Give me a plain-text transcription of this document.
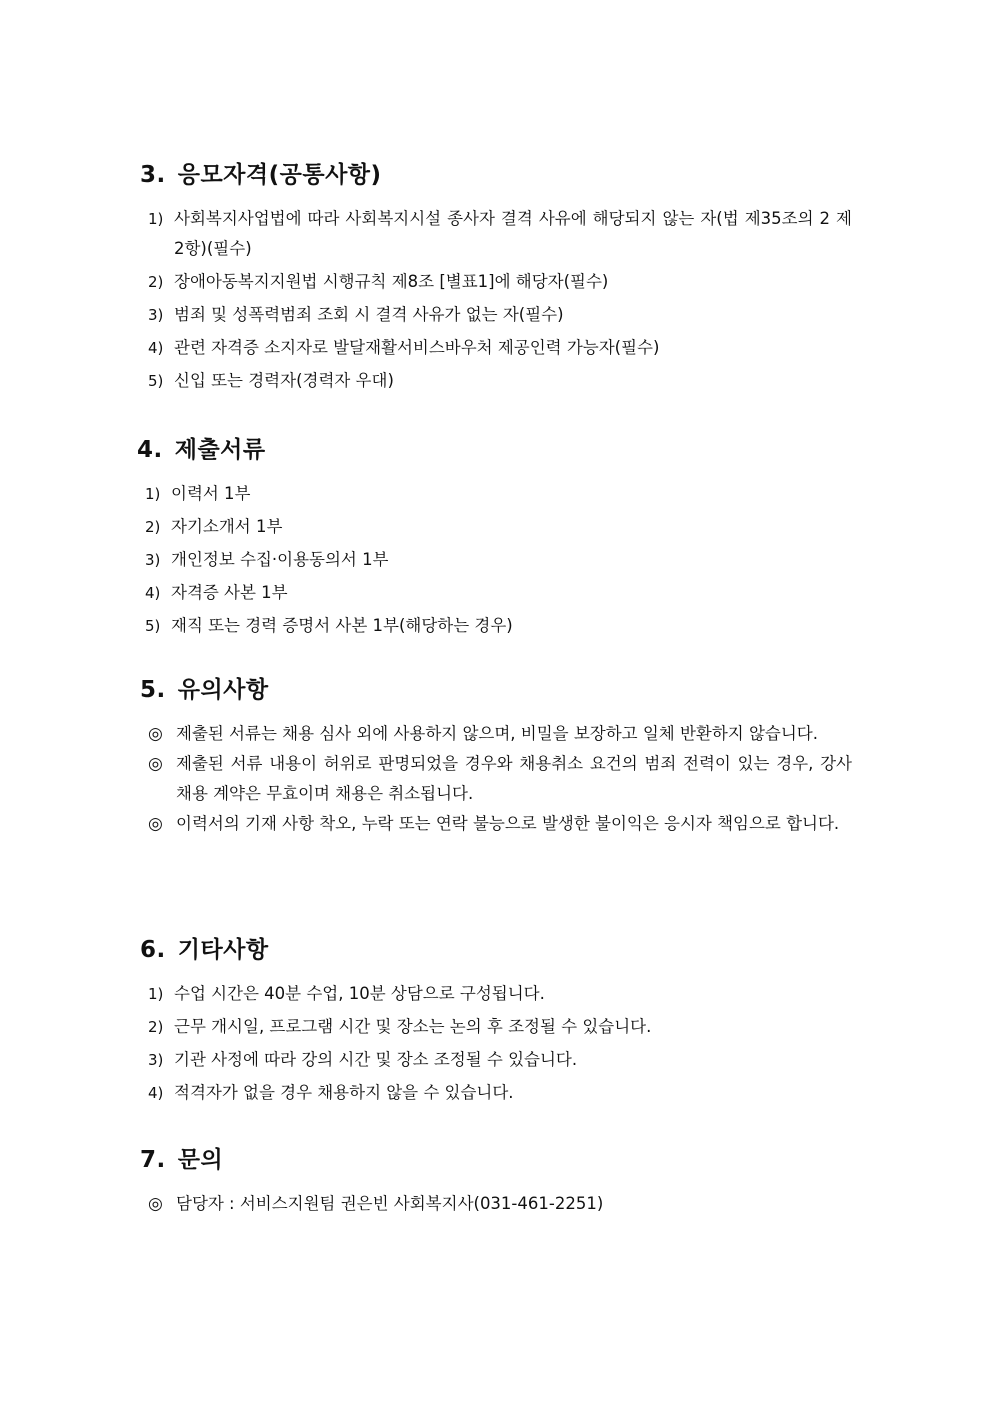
3. 응모자격(공통사항)
1) 사회복지사업법에 따라 사회복지시설 종사자 결격 사유에 해당되지 않는 자(법 제35조의 2 제2항)(필수)
2) 장애아동복지지원법 시행규칙 제8조 [별표1]에 해당자(필수)
3) 범죄 및 성폭력범죄 조회 시 결격 사유가 없는 자(필수)
4) 관련 자격증 소지자로 발달재활서비스바우처 제공인력 가능자(필수)
5) 신입 또는 경력자(경력자 우대)
4. 제출서류
1) 이력서 1부
2) 자기소개서 1부
3) 개인정보 수집·이용동의서 1부
4) 자격증 사본 1부
5) 재직 또는 경력 증명서 사본 1부(해당하는 경우)
5. 유의사항
◎ 제출된 서류는 채용 심사 외에 사용하지 않으며, 비밀을 보장하고 일체 반환하지 않습니다.
◎ 제출된 서류 내용이 허위로 판명되었을 경우와 채용취소 요건의 범죄 전력이 있는 경우, 강사 채용 계약은 무효이며 채용은 취소됩니다.
◎ 이력서의 기재 사항 착오, 누락 또는 연락 불능으로 발생한 불이익은 응시자 책임으로 합니다.
6. 기타사항
1) 수업 시간은 40분 수업, 10분 상담으로 구성됩니다.
2) 근무 개시일, 프로그램 시간 및 장소는 논의 후 조정될 수 있습니다.
3) 기관 사정에 따라 강의 시간 및 장소 조정될 수 있습니다.
4) 적격자가 없을 경우 채용하지 않을 수 있습니다.
7. 문의
◎ 담당자 : 서비스지원팀 권은빈 사회복지사(031-461-2251)
